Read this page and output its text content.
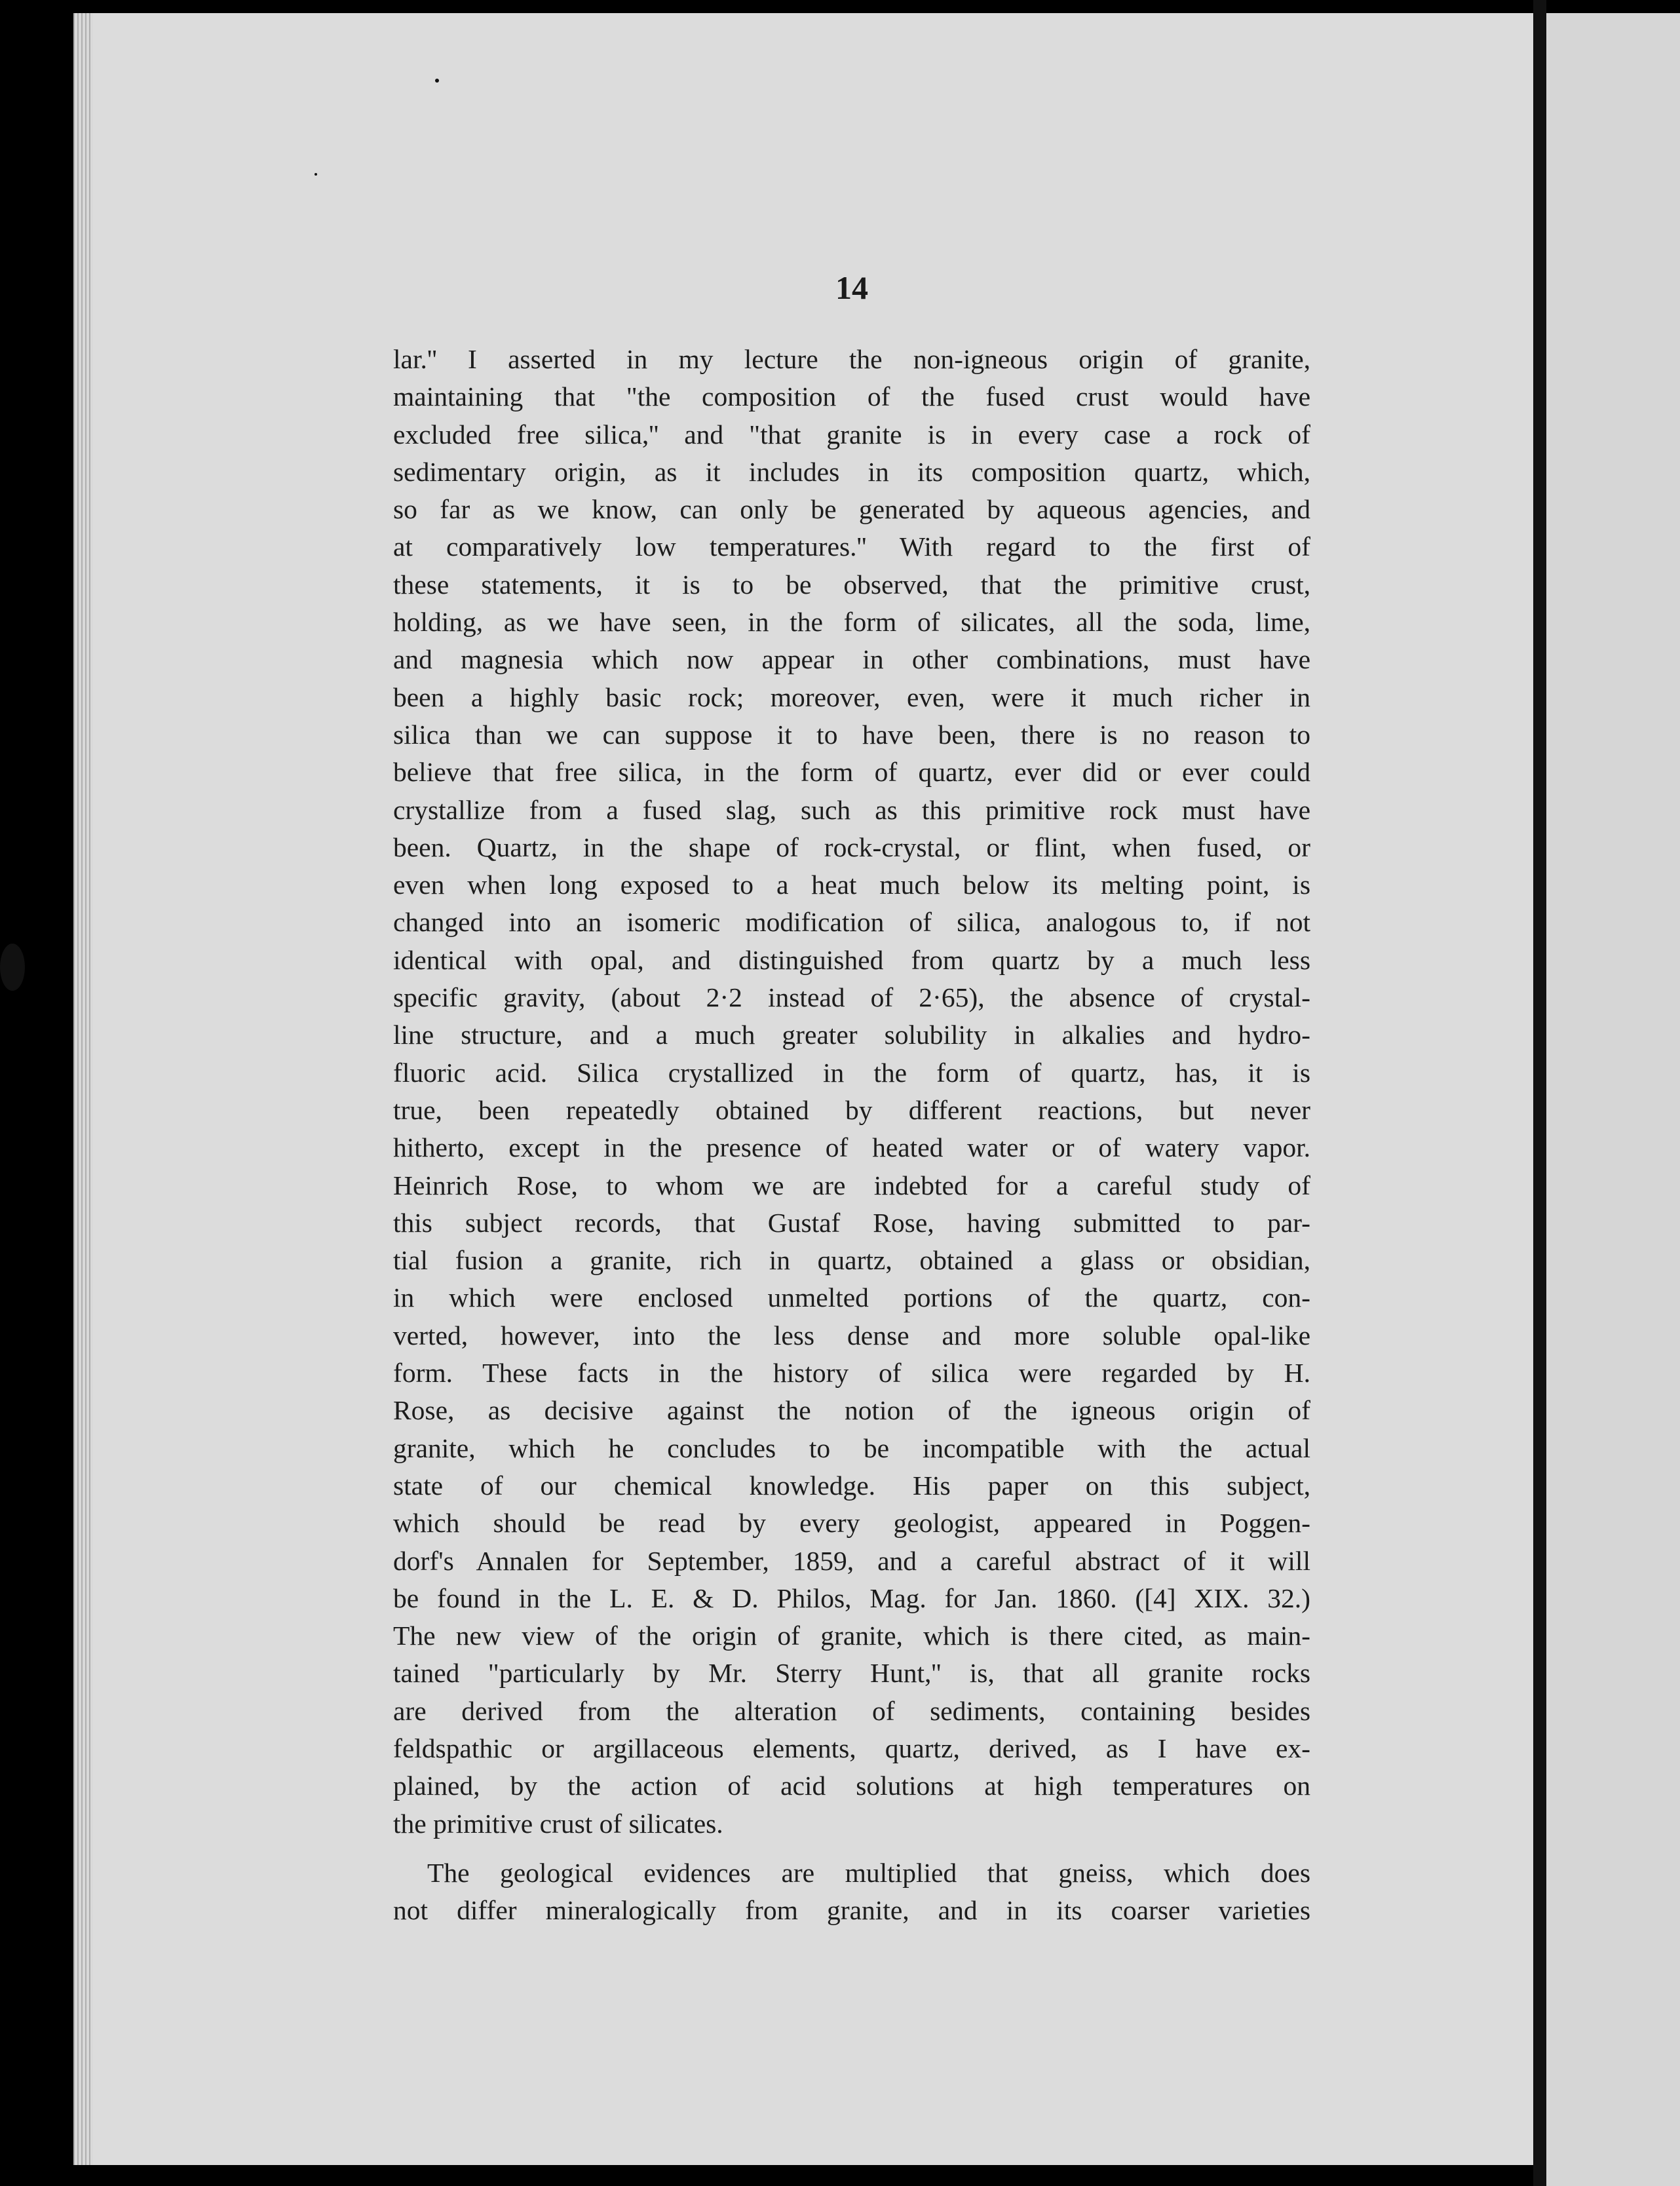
14
lar.'' I asserted in my lecture the non-igneous origin of granite,
maintaining that "the composition of the fused crust would have
excluded free silica,'' and "that granite is in every case a rock of
sedimentary origin, as it includes in its composition quartz, which,
so far as we know, can only be generated by aqueous agencies, and
at comparatively low temperatures.'' With regard to the first of
these statements, it is to be observed, that the primitive crust,
holding, as we have seen, in the form of silicates, all the soda, lime,
and magnesia which now appear in other combinations, must have
been a highly basic rock; moreover, even, were it much richer in
silica than we can suppose it to have been, there is no reason to
believe that free silica, in the form of quartz, ever did or ever could
crystallize from a fused slag, such as this primitive rock must have
been. Quartz, in the shape of rock-crystal, or flint, when fused, or
even when long exposed to a heat much below its melting point, is
changed into an isomeric modification of silica, analogous to, if not
identical with opal, and distinguished from quartz by a much less
specific gravity, (about 2·2 instead of 2·65), the absence of crystal-
line structure, and a much greater solubility in alkalies and hydro-
fluoric acid. Silica crystallized in the form of quartz, has, it is
true, been repeatedly obtained by different reactions, but never
hitherto, except in the presence of heated water or of watery vapor.
Heinrich Rose, to whom we are indebted for a careful study of
this subject records, that Gustaf Rose, having submitted to par-
tial fusion a granite, rich in quartz, obtained a glass or obsidian,
in which were enclosed unmelted portions of the quartz, con-
verted, however, into the less dense and more soluble opal-like
form. These facts in the history of silica were regarded by H.
Rose, as decisive against the notion of the igneous origin of
granite, which he concludes to be incompatible with the actual
state of our chemical knowledge. His paper on this subject,
which should be read by every geologist, appeared in Poggen-
dorf's Annalen for September, 1859, and a careful abstract of it will
be found in the L. E. & D. Philos, Mag. for Jan. 1860. ([4] XIX. 32.)
The new view of the origin of granite, which is there cited, as main-
tained "particularly by Mr. Sterry Hunt,'' is, that all granite rocks
are derived from the alteration of sediments, containing besides
feldspathic or argillaceous elements, quartz, derived, as I have ex-
plained, by the action of acid solutions at high temperatures on
the primitive crust of silicates.
The geological evidences are multiplied that gneiss, which does
not differ mineralogically from granite, and in its coarser varieties
